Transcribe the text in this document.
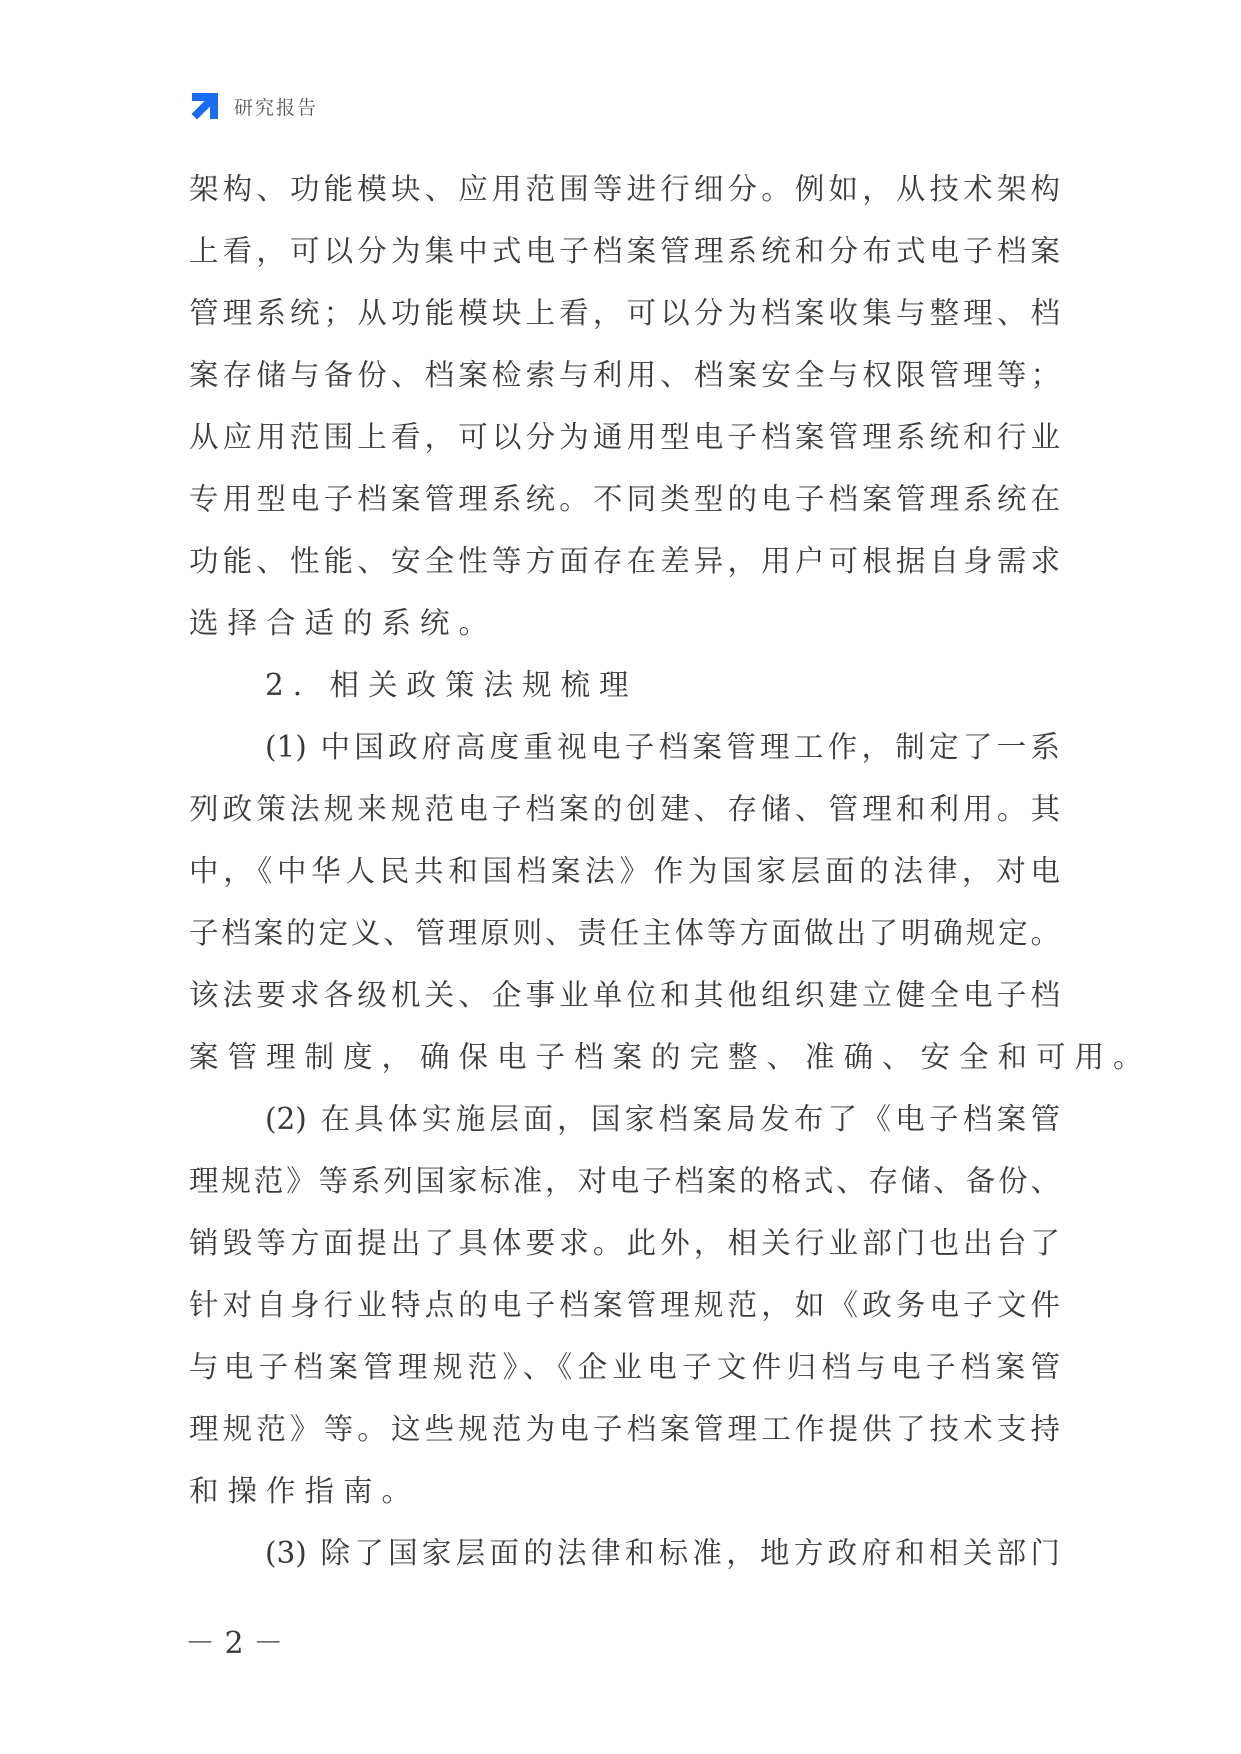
研究报告
架构、功能模块、应用范围等进行细分。例如，从技术架构
上看，可以分为集中式电子档案管理系统和分布式电子档案
管理系统；从功能模块上看，可以分为档案收集与整理、档
案存储与备份、档案检索与利用、档案安全与权限管理等；
从应用范围上看，可以分为通用型电子档案管理系统和行业
专用型电子档案管理系统。不同类型的电子档案管理系统在
功能、性能、安全性等方面存在差异，用户可根据自身需求
选择合适的系统。
2. 相关政策法规梳理
(1) 中国政府高度重视电子档案管理工作，制定了一系
列政策法规来规范电子档案的创建、存储、管理和利用。其
中，《中华人民共和国档案法》作为国家层面的法律，对电
子档案的定义、管理原则、责任主体等方面做出了明确规定。
该法要求各级机关、企事业单位和其他组织建立健全电子档
案管理制度，确保电子档案的完整、准确、安全和可用。
(2) 在具体实施层面，国家档案局发布了《电子档案管
理规范》等系列国家标准，对电子档案的格式、存储、备份、
销毁等方面提出了具体要求。此外，相关行业部门也出台了
针对自身行业特点的电子档案管理规范，如《政务电子文件
与电子档案管理规范》、《企业电子文件归档与电子档案管
理规范》等。这些规范为电子档案管理工作提供了技术支持
和操作指南。
(3) 除了国家层面的法律和标准，地方政府和相关部门
－ 2 －
